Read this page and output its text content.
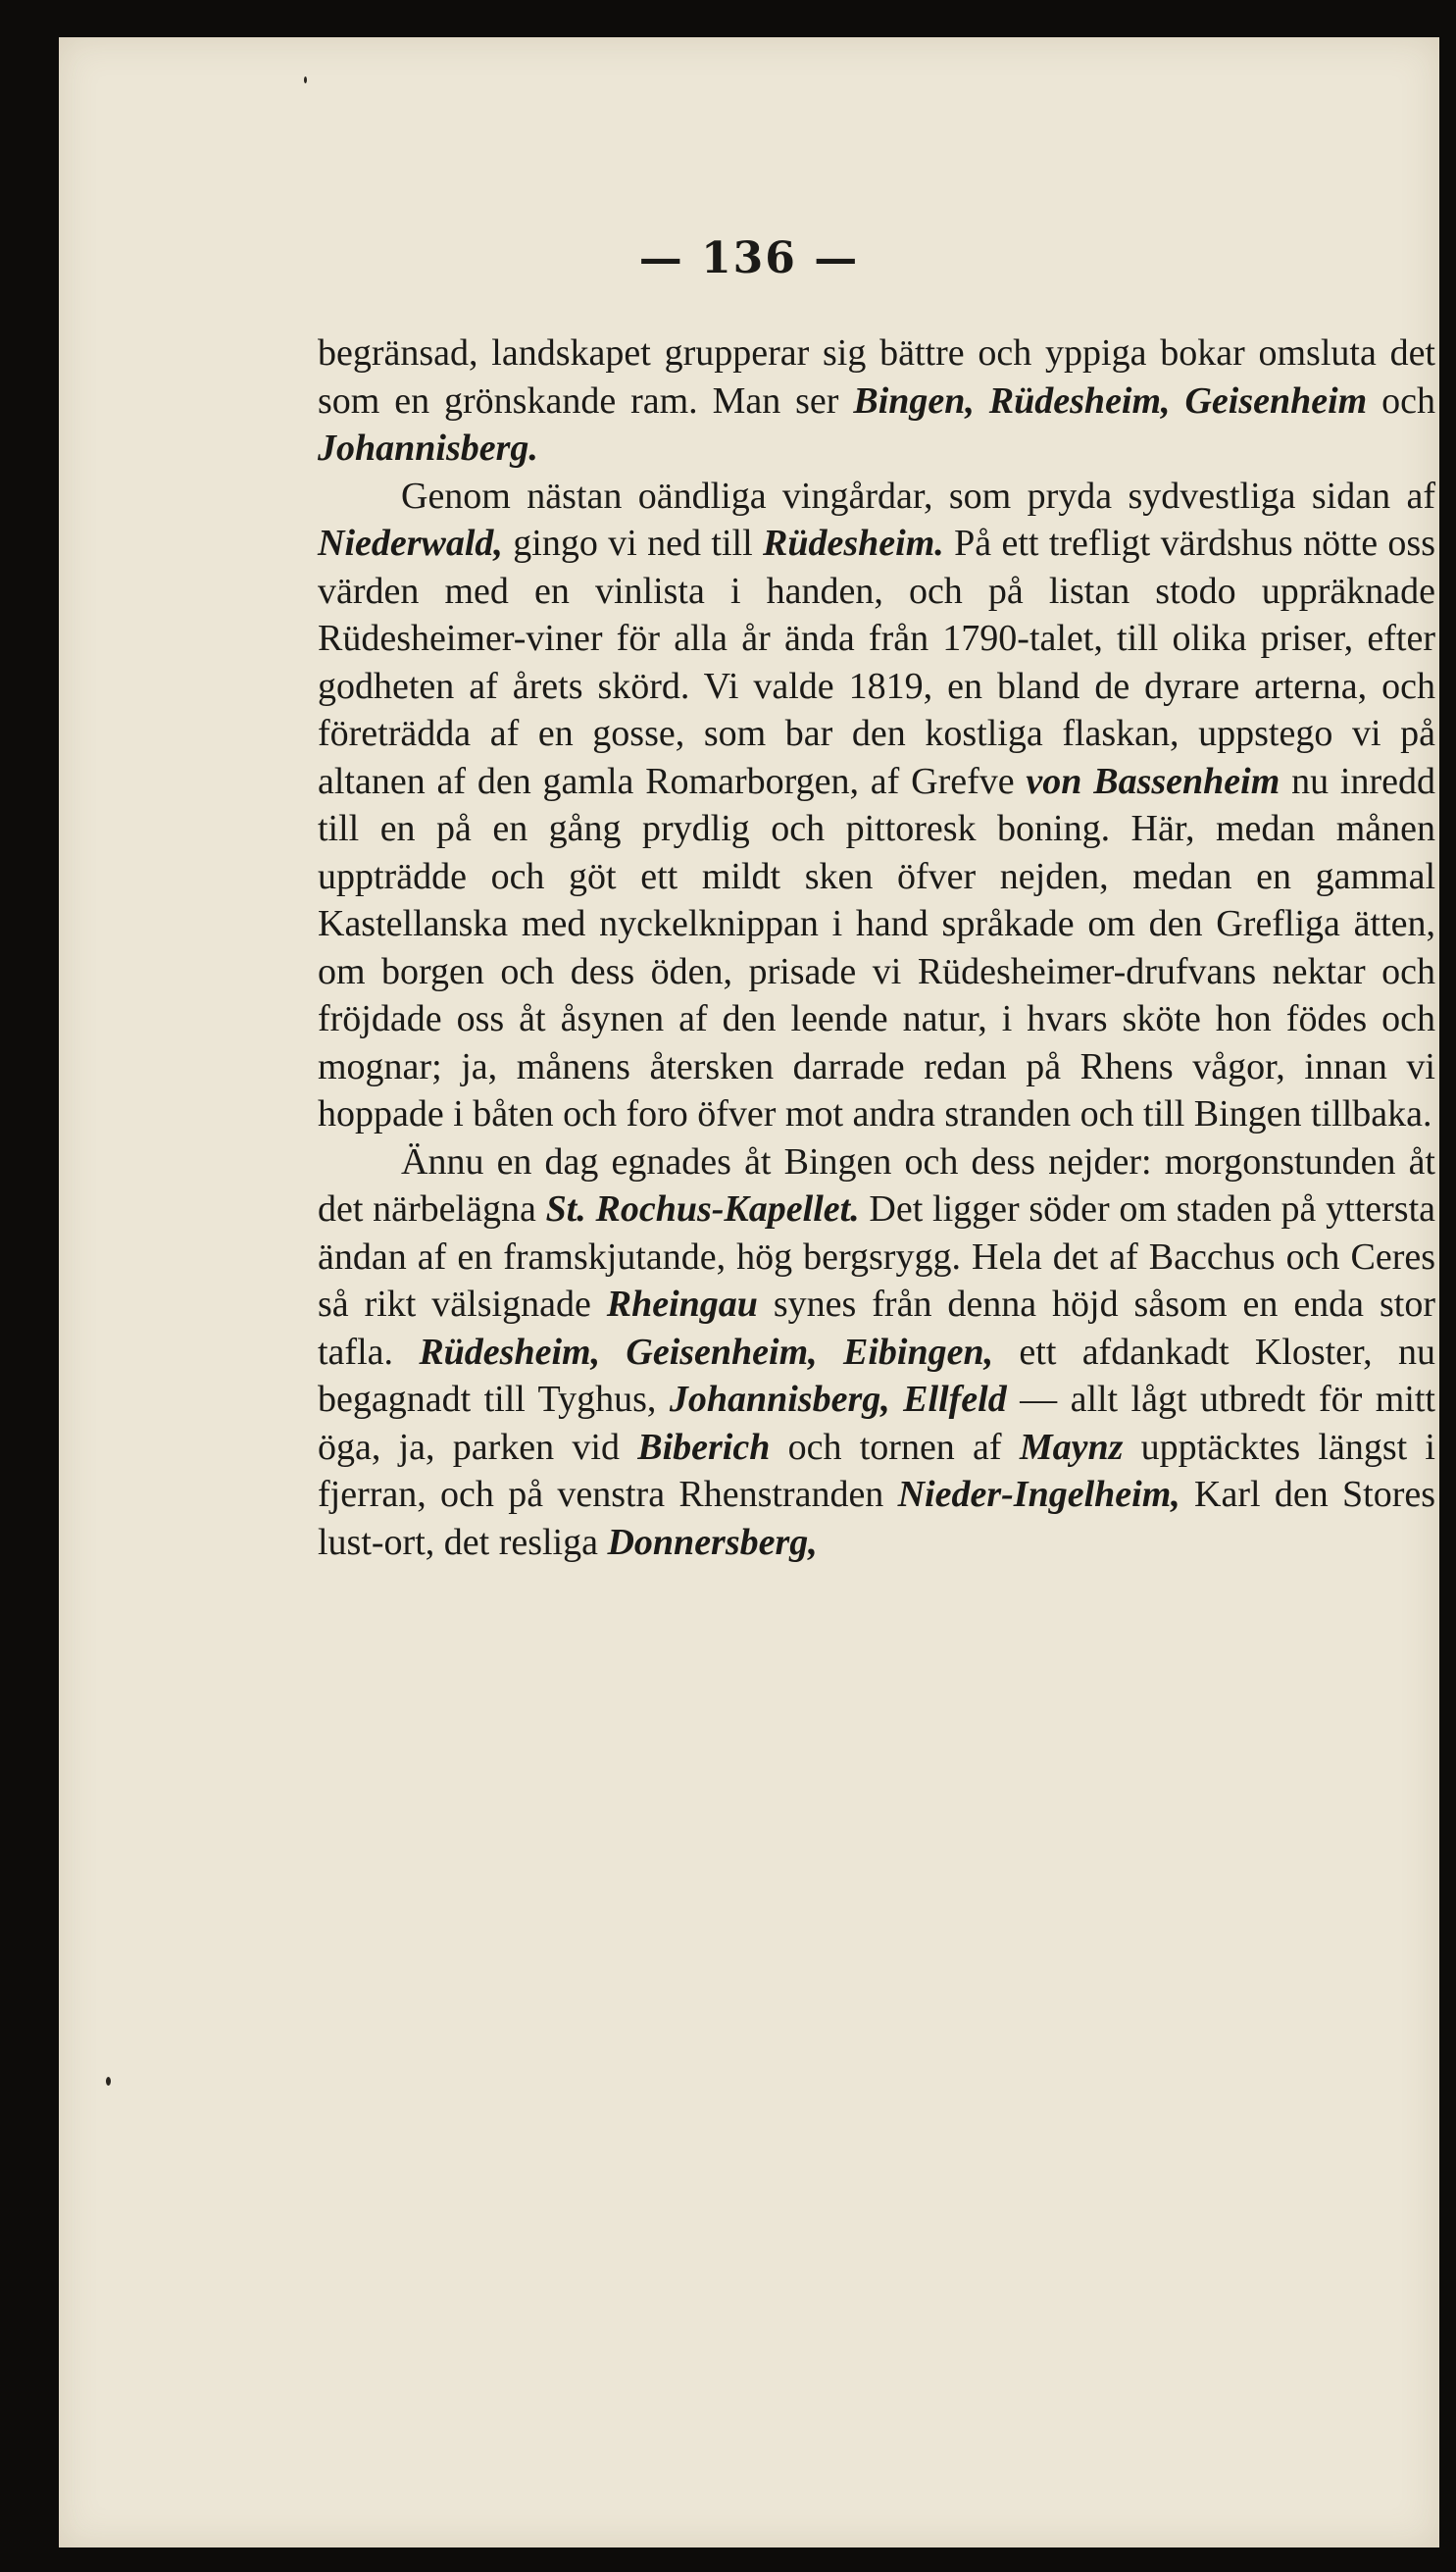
— 136 —

begränsad, landskapet grupperar sig bättre och yppiga bokar omsluta det som en grönskande ram. Man ser Bingen, Rüdesheim, Geisenheim och Johannisberg.

Genom nästan oändliga vingårdar, som pryda sydvestliga sidan af Niederwald, gingo vi ned till Rüdesheim. På ett trefligt värdshus nötte oss värden med en vinlista i handen, och på listan stodo uppräknade Rüdesheimer-viner för alla år ända från 1790-talet, till olika priser, efter godheten af årets skörd. Vi valde 1819, en bland de dyrare arterna, och företrädda af en gosse, som bar den kostliga flaskan, uppstego vi på altanen af den gamla Romarborgen, af Grefve von Bassenheim nu inredd till en på en gång prydlig och pittoresk boning. Här, medan månen uppträdde och göt ett mildt sken öfver nejden, medan en gammal Kastellanska med nyckelknippan i hand språkade om den Grefliga ätten, om borgen och dess öden, prisade vi Rüdesheimer-drufvans nektar och fröjdade oss åt åsynen af den leende natur, i hvars sköte hon födes och mognar; ja, månens återsken darrade redan på Rhens vågor, innan vi hoppade i båten och foro öfver mot andra stranden och till Bingen tillbaka.

Ännu en dag egnades åt Bingen och dess nejder: morgonstunden åt det närbelägna St. Rochus-Kapellet. Det ligger söder om staden på yttersta ändan af en framskjutande, hög bergsrygg. Hela det af Bacchus och Ceres så rikt välsignade Rheingau synes från denna höjd såsom en enda stor tafla. Rüdesheim, Geisenheim, Eibingen, ett afdankadt Kloster, nu begagnadt till Tyghus, Johannisberg, Ellfeld — allt lågt utbredt för mitt öga, ja, parken vid Biberich och tornen af Maynz upptäcktes längst i fjerran, och på venstra Rhenstranden Nieder-Ingelheim, Karl den Stores lust-ort, det resliga Donnersberg,
